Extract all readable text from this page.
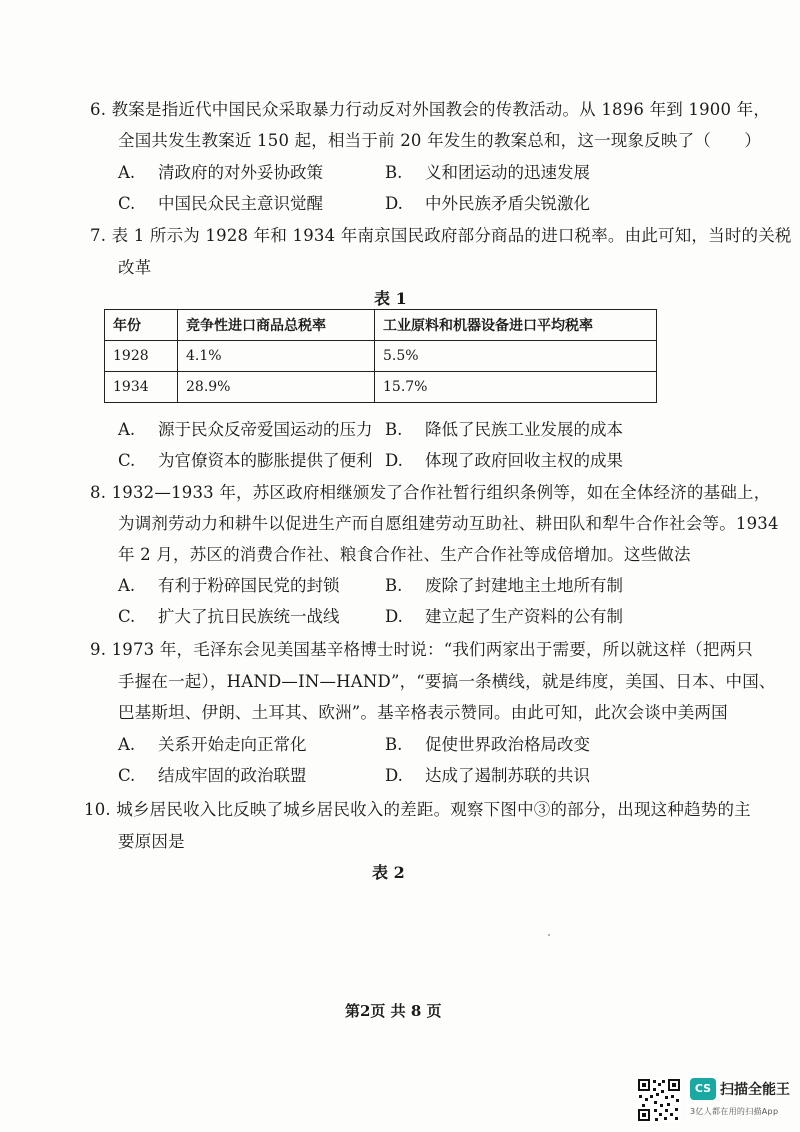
6. 教案是指近代中国民众采取暴力行动反对外国教会的传教活动。从 1896 年到 1900 年，
全国共发生教案近 150 起，相当于前 20 年发生的教案总和，这一现象反映了（　　）
A. 清政府的对外妥协政策	B. 义和团运动的迅速发展
C. 中国民众民主意识觉醒	D. 中外民族矛盾尖锐激化
7. 表 1 所示为 1928 年和 1934 年南京国民政府部分商品的进口税率。由此可知，当时的关税
改革
表 1
年份	竞争性进口商品总税率	工业原料和机器设备进口平均税率
1928	4.1%	5.5%
1934	28.9%	15.7%
A. 源于民众反帝爱国运动的压力 B. 降低了民族工业发展的成本
C. 为官僚资本的膨胀提供了便利 D. 体现了政府回收主权的成果
8. 1932—1933 年，苏区政府相继颁发了合作社暂行组织条例等，如在全体经济的基础上，
为调剂劳动力和耕牛以促进生产而自愿组建劳动互助社、耕田队和犁牛合作社会等。1934
年 2 月，苏区的消费合作社、粮食合作社、生产合作社等成倍增加。这些做法
A. 有利于粉碎国民党的封锁	B. 废除了封建地主土地所有制
C. 扩大了抗日民族统一战线	D. 建立起了生产资料的公有制
9. 1973 年，毛泽东会见美国基辛格博士时说：“我们两家出于需要，所以就这样（把两只
手握在一起），HAND—IN—HAND”，“要搞一条横线，就是纬度，美国、日本、中国、
巴基斯坦、伊朗、土耳其、欧洲”。基辛格表示赞同。由此可知，此次会谈中美两国
A. 关系开始走向正常化	B. 促使世界政治格局改变
C. 结成牢固的政治联盟	D. 达成了遏制苏联的共识
10. 城乡居民收入比反映了城乡居民收入的差距。观察下图中③的部分，出现这种趋势的主
要原因是
表 2
第2页 共 8 页
CS 扫描全能王
3亿人都在用的扫描App
